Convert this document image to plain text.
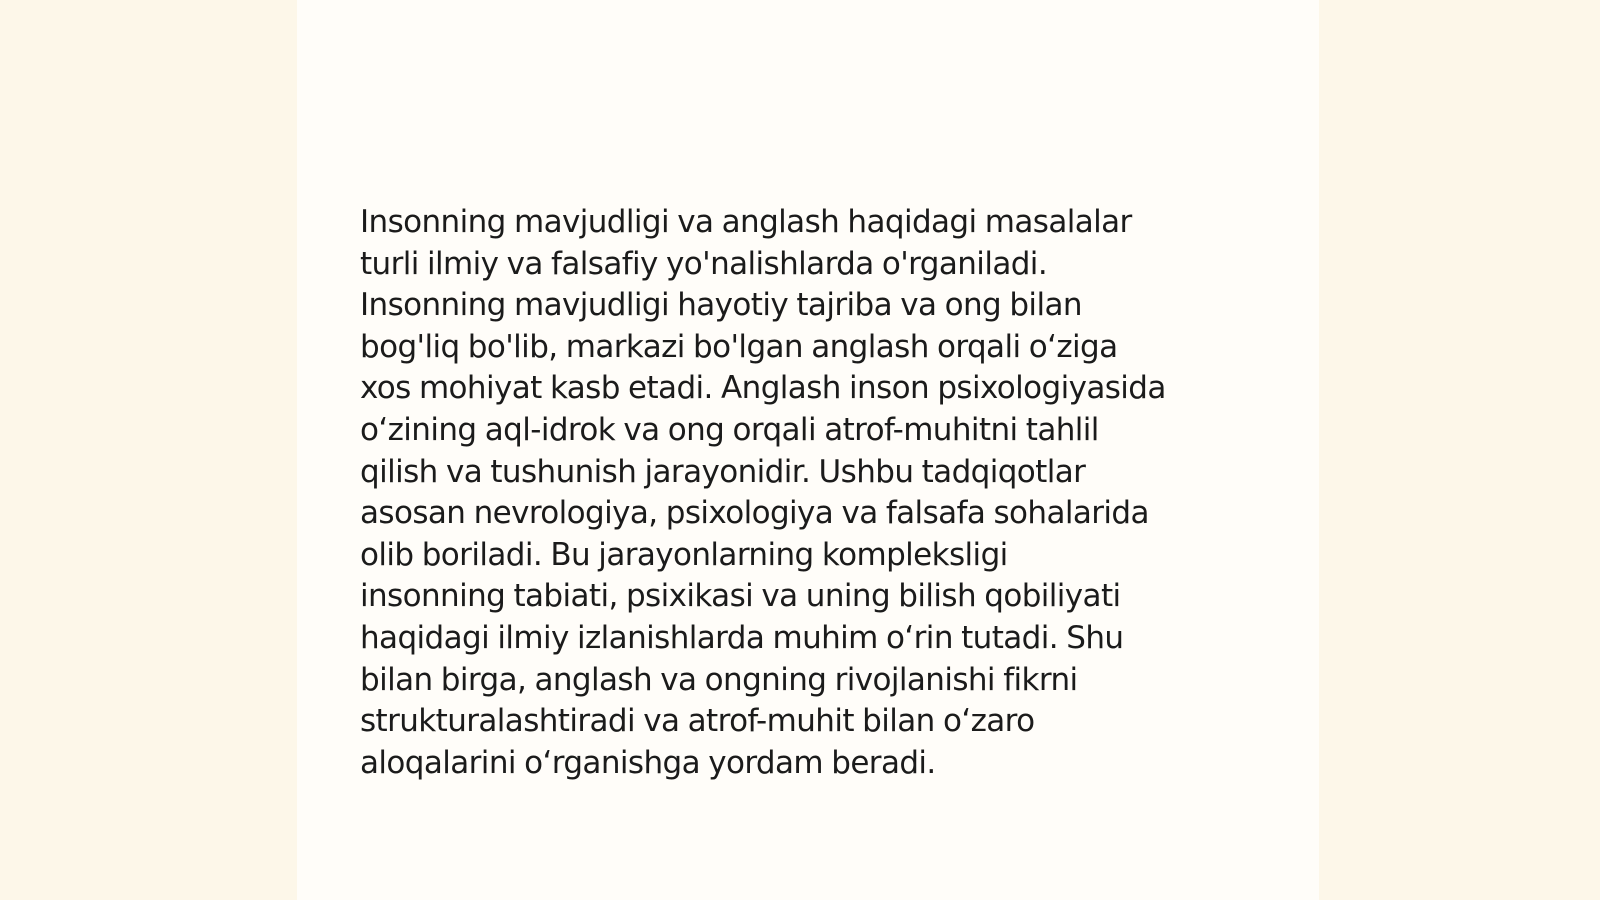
Insonning mavjudligi va anglash haqidagi masalalar
turli ilmiy va falsafiy yo'nalishlarda o'rganiladi.
Insonning mavjudligi hayotiy tajriba va ong bilan
bog'liq bo'lib, markazi bo'lgan anglash orqali oʻziga
xos mohiyat kasb etadi. Anglash inson psixologiyasida
oʻzining aql-idrok va ong orqali atrof-muhitni tahlil
qilish va tushunish jarayonidir. Ushbu tadqiqotlar
asosan nevrologiya, psixologiya va falsafa sohalarida
olib boriladi. Bu jarayonlarning kompleksligi
insonning tabiati, psixikasi va uning bilish qobiliyati
haqidagi ilmiy izlanishlarda muhim oʻrin tutadi. Shu
bilan birga, anglash va ongning rivojlanishi fikrni
strukturalashtiradi va atrof-muhit bilan oʻzaro
aloqalarini oʻrganishga yordam beradi.
